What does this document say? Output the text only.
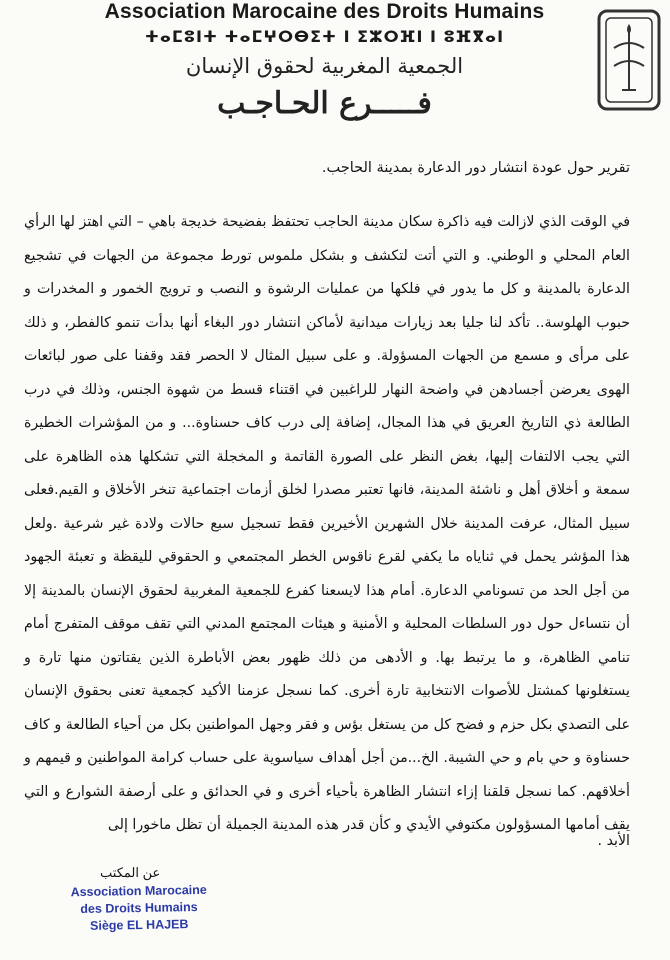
Association Marocaine des Droits Humains
ⵜⴰⵎⵓⵏⵜ ⵜⴰⵎⵖⵔⴱⵉⵜ ⵏ ⵉⵣⵔⴼⵏ ⵏ ⵓⴼⴳⴰⵏ
الجمعية المغربية لحقوق الإنسان
فـــــرع الحـاجـب
تقرير حول عودة انتشار دور الدعارة بمدينة الحاجب.

في الوقت الذي لازالت فيه ذاكرة سكان مدينة الحاجب تحتفظ بفضيحة خديجة باهي – التي اهتز لها الرأي العام المحلي و الوطني. و التي أتت لتكشف و بشكل ملموس تورط مجموعة من الجهات في تشجيع الدعارة بالمدينة و كل ما يدور في فلكها من عمليات الرشوة و النصب و ترويج الخمور و المخدرات و حبوب الهلوسة.. تأكد لنا جليا بعد زيارات ميدانية لأماكن انتشار دور البغاء أنها بدأت تنمو كالفطر، و ذلك على مرأى و مسمع من الجهات المسؤولة. و على سبيل المثال لا الحصر فقد وقفنا على صور لبائعات الهوى يعرضن أجسادهن في واضحة النهار للراغبين في اقتناء قسط من شهوة الجنس، وذلك في درب الطالعة ذي التاريخ العريق في هذا المجال، إضافة إلى درب كاف حسناوة... و من المؤشرات الخطيرة التي يجب الالتفات إليها، بغض النظر على الصورة القاتمة و المخجلة التي تشكلها هذه الظاهرة على سمعة و أخلاق أهل و ناشئة المدينة، فانها تعتبر مصدرا لخلق أزمات اجتماعية تنخر الأخلاق و القيم.فعلى سبيل المثال، عرفت المدينة خلال الشهرين الأخيرين فقط تسجيل سبع حالات ولادة غير شرعية .ولعل هذا المؤشر يحمل في ثناياه ما يكفي لقرع ناقوس الخطر المجتمعي و الحقوقي لليقظة و تعبئة الجهود من أجل الحد من تسونامي الدعارة. أمام هذا لايسعنا كفرع للجمعية المغربية لحقوق الإنسان بالمدينة إلا أن نتساءل حول دور السلطات المحلية و الأمنية و هيئات المجتمع المدني التي تقف موقف المتفرج أمام تنامي الظاهرة، و ما يرتبط بها. و الأدهى من ذلك ظهور بعض الأباطرة الذين يقتاتون منها تارة و يستغلونها كمشتل للأصوات الانتخابية تارة أخرى. كما نسجل عزمنا الأكيد كجمعية تعنى بحقوق الإنسان على التصدي بكل حزم و فضح كل من يستغل بؤس و فقر وجهل المواطنين بكل من أحياء الطالعة و كاف حسناوة و حي بام و حي الشيبة. الخ...من أجل أهداف سياسوية على حساب كرامة المواطنين و قيمهم و أخلاقهم. كما نسجل قلقنا إزاء انتشار الظاهرة بأحياء أخرى و في الحدائق و على أرصفة الشوارع و التي يقف أمامها المسؤولون مكتوفي الأيدي و كأن قدر هذه المدينة الجميلة أن تظل ماخورا إلى

الأبد .
عن المكتب
Association Marocaine
des Droits Humains
Siège EL HAJEB
